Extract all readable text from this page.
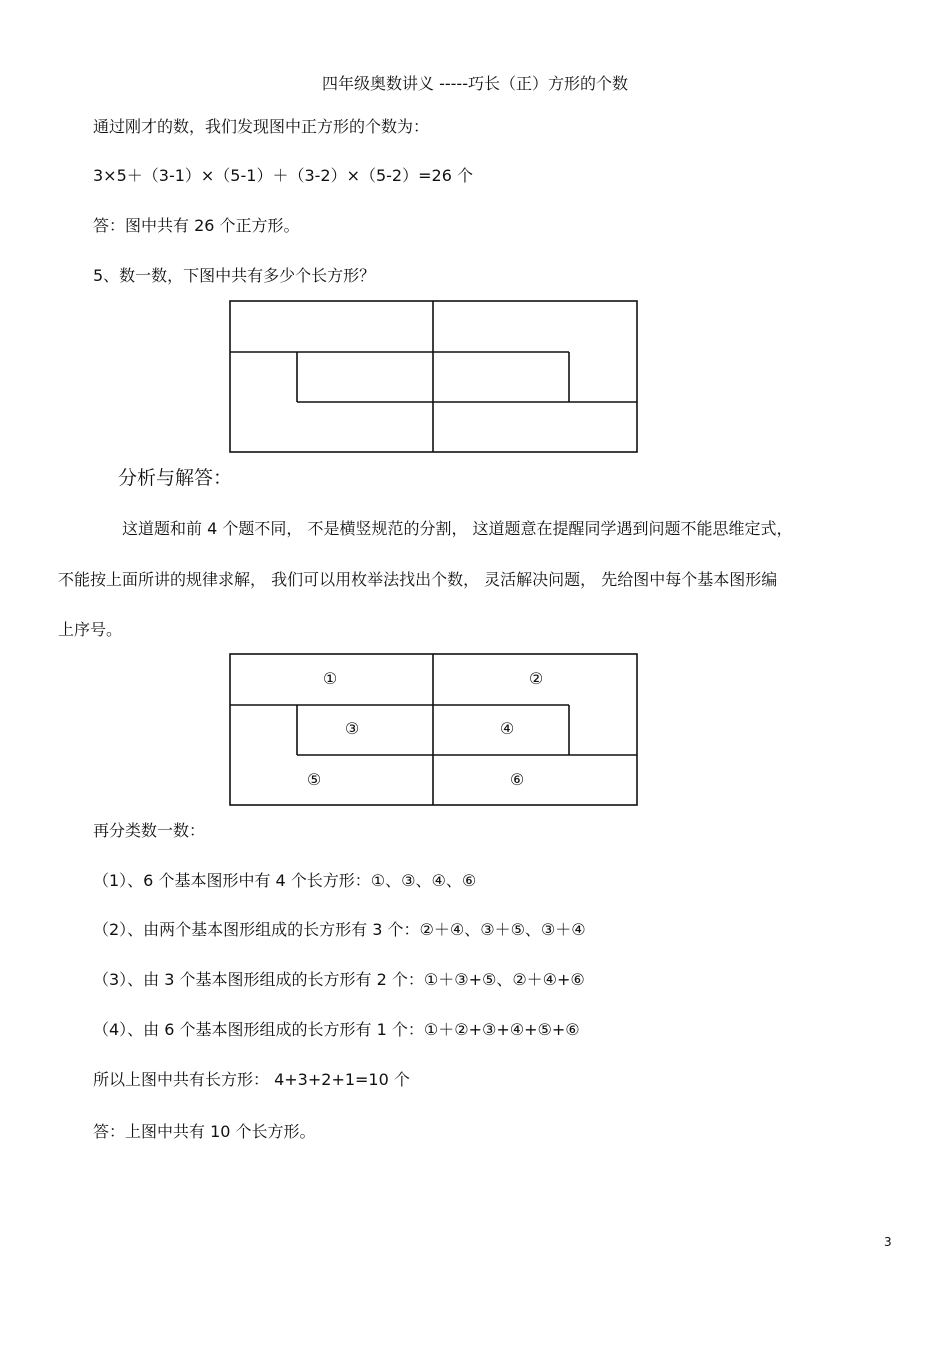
四年级奥数讲义 -----巧长（正）方形的个数
通过刚才的数，我们发现图中正方形的个数为：
3×5＋（3-1）×（5-1）＋（3-2）×（5-2）=26 个
答：图中共有 26 个正方形。
5、数一数，下图中共有多少个长方形？
分析与解答：
这道题和前 4 个题不同， 不是横竖规范的分割， 这道题意在提醒同学遇到问题不能思维定式，
不能按上面所讲的规律求解， 我们可以用枚举法找出个数， 灵活解决问题， 先给图中每个基本图形编
上序号。
①	②
③	④
⑤	⑥
再分类数一数：
（1）、6 个基本图形中有 4 个长方形：①、③、④、⑥
（2）、由两个基本图形组成的长方形有 3 个：②＋④、③＋⑤、③＋④
（3）、由 3 个基本图形组成的长方形有 2 个：①＋③+⑤、②＋④+⑥
（4）、由 6 个基本图形组成的长方形有 1 个：①＋②+③+④+⑤+⑥
所以上图中共有长方形： 4+3+2+1=10 个
答：上图中共有 10 个长方形。
3
